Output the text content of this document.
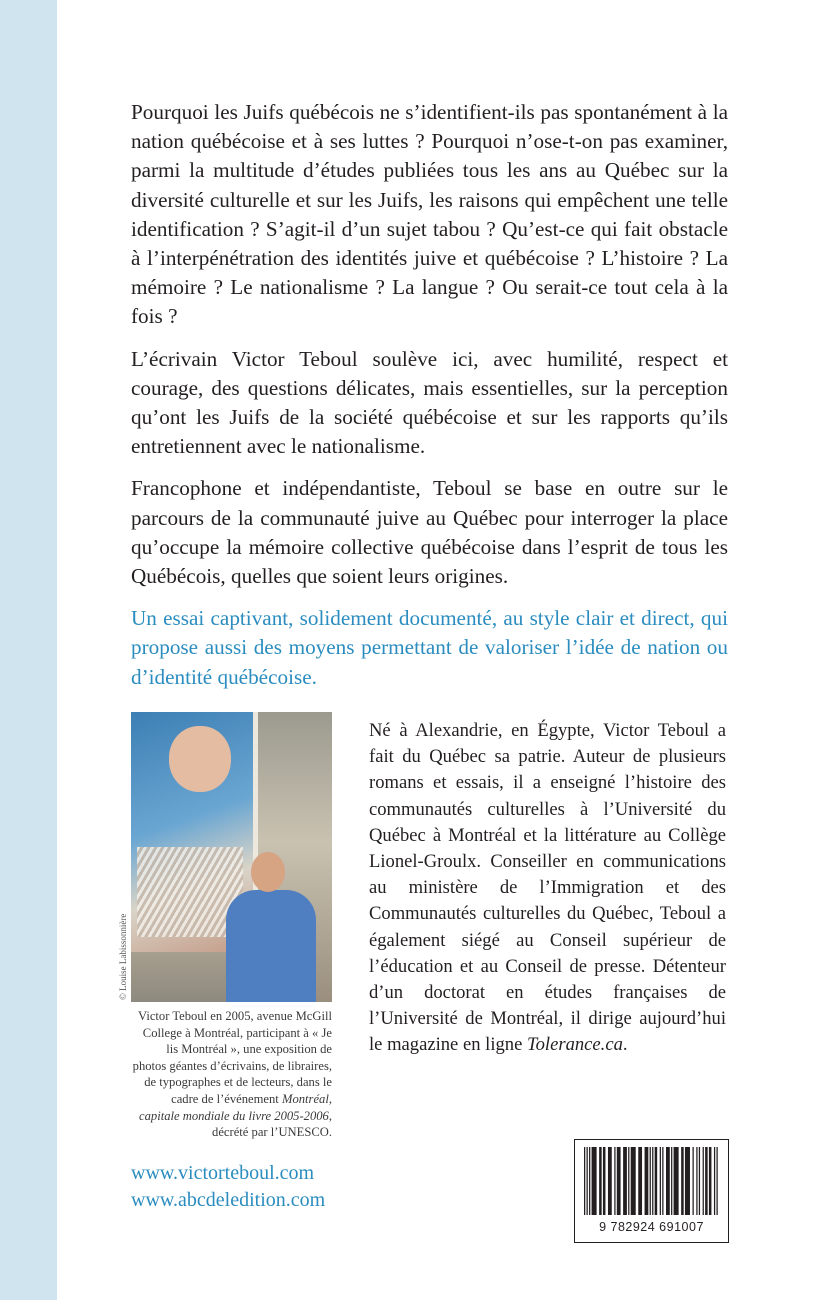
Pourquoi les Juifs québécois ne s’identifient-ils pas spontanément à la nation québécoise et à ses luttes ? Pourquoi n’ose-t-on pas examiner, parmi la multitude d’études publiées tous les ans au Québec sur la diversité culturelle et sur les Juifs, les raisons qui empêchent une telle identification ? S’agit-il d’un sujet tabou ? Qu’est-ce qui fait obstacle à l’interpénétration des identités juive et québécoise ? L’histoire ? La mémoire ? Le nationalisme ? La langue ? Ou serait-ce tout cela à la fois ?

L’écrivain Victor Teboul soulève ici, avec humilité, respect et courage, des questions délicates, mais essentielles, sur la perception qu’ont les Juifs de la société québécoise et sur les rapports qu’ils entretiennent avec le nationalisme.

Francophone et indépendantiste, Teboul se base en outre sur le parcours de la communauté juive au Québec pour interroger la place qu’occupe la mémoire collective québécoise dans l’esprit de tous les Québécois, quelles que soient leurs origines.

Un essai captivant, solidement documenté, au style clair et direct, qui propose aussi des moyens permettant de valoriser l’idée de nation ou d’identité québécoise.

© Louise Labissonnière
Victor Teboul en 2005, avenue McGill College à Montréal, participant à « Je lis Montréal », une exposition de photos géantes d’écrivains, de libraires, de typographes et de lecteurs, dans le cadre de l’événement Montréal, capitale mondiale du livre 2005-2006, décrété par l’UNESCO.
Né à Alexandrie, en Égypte, Victor Teboul a fait du Québec sa patrie. Auteur de plusieurs romans et essais, il a enseigné l’histoire des communautés culturelles à l’Université du Québec à Montréal et la littérature au Collège Lionel-Groulx. Conseiller en communications au ministère de l’Immigration et des Communautés culturelles du Québec, Teboul a également siégé au Conseil supérieur de l’éducation et au Conseil de presse. Détenteur d’un doctorat en études françaises de l’Université de Montréal, il dirige aujourd’hui le magazine en ligne Tolerance.ca.
www.victorteboul.com
www.abcdeledition.com
9 782924 691007
